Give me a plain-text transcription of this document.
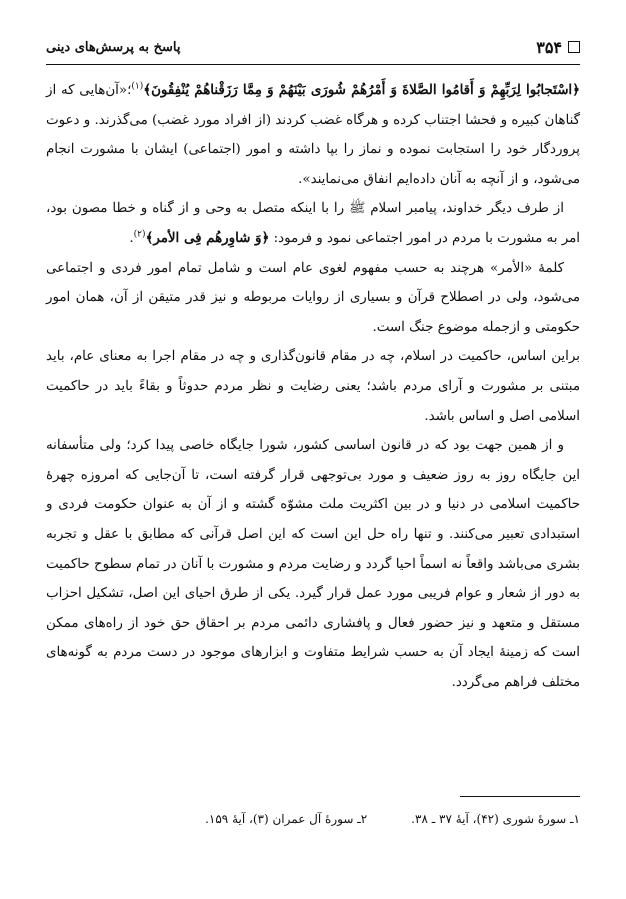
۳۵۴
پاسخ به پرسش‌های دینی

﴿اسْتَجابُوا لِرَبِّهِمْ وَ أَقامُوا الصَّلاةَ وَ أَمْرُهُمْ شُورَى بَيْنَهُمْ وَ مِمَّا رَزَقْناهُمْ يُنْفِقُونَ﴾$^{(۱)}$؛«آن‌هایی که از گناهان کبیره و فحشا اجتناب کرده و هرگاه غضب کردند (از افراد مورد غضب) می‌گذرند. و دعوت پروردگار خود را استجابت نموده و نماز را بپا داشته و امور (اجتماعی) ایشان با مشورت انجام می‌شود، و از آنچه به آنان داده‌ایم انفاق می‌نمایند».

از طرف دیگر خداوند، پیامبر اسلام ﷺ را با اینکه متصل به وحی و از گناه و خطا مصون بود، امر به مشورت با مردم در امور اجتماعی نمود و فرمود: ﴿وَ شاوِرهُم فِی الأمر﴾$^{(۲)}$.

کلمهٔ «الأمر» هرچند به حسب مفهوم لغوی عام است و شامل تمام امور فردی و اجتماعی می‌شود، ولی در اصطلاح قرآن و بسیاری از روایات مربوطه و نیز قدر متیقن از آن، همان امور حکومتی و ازجمله موضوع جنگ است.

براین اساس، حاکمیت در اسلام، چه در مقام قانون‌گذاری و چه در مقام اجرا به معنای عام، باید مبتنی بر مشورت و آرای مردم باشد؛ یعنی رضایت و نظر مردم حدوثاً و بقاءً باید در حاکمیت اسلامی اصل و اساس باشد.

و از همین جهت بود که در قانون اساسی کشور، شورا جایگاه خاصی پیدا کرد؛ ولی متأسفانه این جایگاه روز به روز ضعیف و مورد بی‌توجهی قرار گرفته است، تا آن‌جایی که امروزه چهرهٔ حاکمیت اسلامی در دنیا و در بین اکثریت ملت مشوّه گشته و از آن به عنوان حکومت فردی و استبدادی تعبیر می‌کنند. و تنها راه حل این است که این اصل قرآنی که مطابق با عقل و تجربه بشری می‌باشد واقعاً نه اسماً احیا گردد و رضایت مردم و مشورت با آنان در تمام سطوح حاکمیت به دور از شعار و عوام فریبی مورد عمل قرار گیرد. یکی از طرق احیای این اصل، تشکیل احزاب مستقل و متعهد و نیز حضور فعال و پافشاری دائمی مردم بر احقاق حق خود از راه‌های ممکن است که زمینهٔ ایجاد آن به حسب شرایط متفاوت و ابزارهای موجود در دست مردم به گونه‌های مختلف فراهم می‌گردد.

۱ـ سورهٔ شوری (۴۲)، آیهٔ ۳۷ ـ ۳۸.
۲ـ سورهٔ آل عمران (۳)، آیهٔ ۱۵۹.
